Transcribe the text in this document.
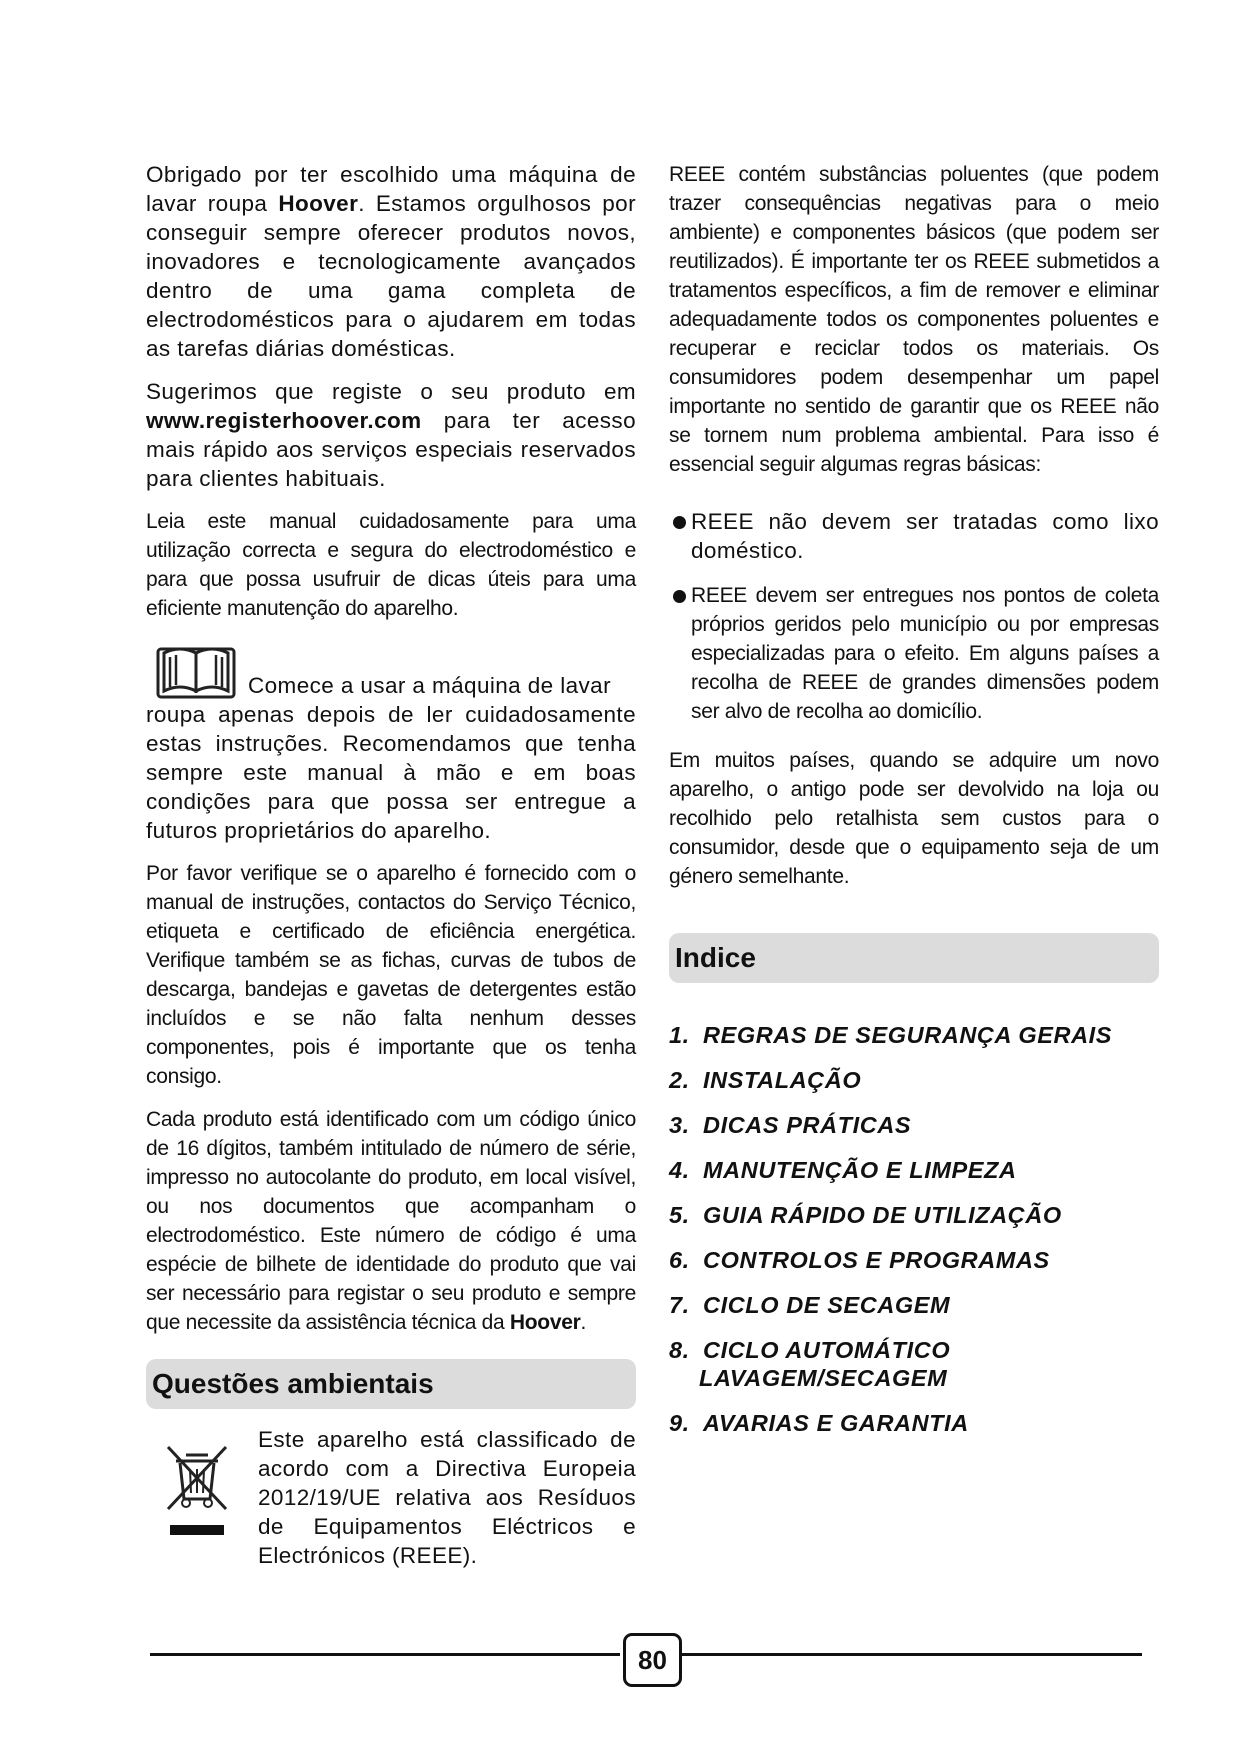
Obrigado por ter escolhido uma máquina de lavar roupa Hoover. Estamos orgulhosos por conseguir sempre oferecer produtos novos, inovadores e tecnologicamente avançados dentro de uma gama completa de electrodomésticos para o ajudarem em todas as tarefas diárias domésticas.

Sugerimos que registe o seu produto em www.registerhoover.com para ter acesso mais rápido aos serviços especiais reservados para clientes habituais.

Leia este manual cuidadosamente para uma utilização correcta e segura do electrodoméstico e para que possa usufruir de dicas úteis para uma eficiente manutenção do aparelho.

Comece a usar a máquina de lavar

roupa apenas depois de ler cuidadosamente estas instruções. Recomendamos que tenha sempre este manual à mão e em boas condições para que possa ser entregue a futuros proprietários do aparelho.

Por favor verifique se o aparelho é fornecido com o manual de instruções, contactos do Serviço Técnico, etiqueta e certificado de eficiência energética. Verifique também se as fichas, curvas de tubos de descarga, bandejas e gavetas de detergentes estão incluídos e se não falta nenhum desses componentes, pois é importante que os tenha consigo.

Cada produto está identificado com um código único de 16 dígitos, também intitulado de número de série, impresso no autocolante do produto, em local visível, ou nos documentos que acompanham o electrodoméstico. Este número de código é uma espécie de bilhete de identidade do produto que vai ser necessário para registar o seu produto e sempre que necessite da assistência técnica da Hoover.

Questões ambientais

Este aparelho está classificado de acordo com a Directiva Europeia 2012/19/UE relativa aos Resíduos de Equipamentos Eléctricos e Electrónicos (REEE).

REEE contém substâncias poluentes (que podem trazer consequências negativas para o meio ambiente) e componentes básicos (que podem ser reutilizados). É importante ter os REEE submetidos a tratamentos específicos, a fim de remover e eliminar adequadamente todos os componentes poluentes e recuperar e reciclar todos os materiais. Os consumidores podem desempenhar um papel importante no sentido de garantir que os REEE não se tornem num problema ambiental. Para isso é essencial seguir algumas regras básicas:

REEE não devem ser tratadas como lixo doméstico.

REEE devem ser entregues nos pontos de coleta próprios geridos pelo município ou por empresas especializadas para o efeito. Em alguns países a recolha de REEE de grandes dimensões podem ser alvo de recolha ao domicílio.

Em muitos países, quando se adquire um novo aparelho, o antigo pode ser devolvido na loja ou recolhido pelo retalhista sem custos para o consumidor, desde que o equipamento seja de um género semelhante.

Indice
1. REGRAS DE SEGURANÇA GERAIS
2. INSTALAÇÃO
3. DICAS PRÁTICAS
4. MANUTENÇÃO E LIMPEZA
5. GUIA RÁPIDO DE UTILIZAÇÃO
6. CONTROLOS E PROGRAMAS
7. CICLO DE SECAGEM
8. CICLO AUTOMÁTICO
LAVAGEM/SECAGEM
9. AVARIAS E GARANTIA
80
